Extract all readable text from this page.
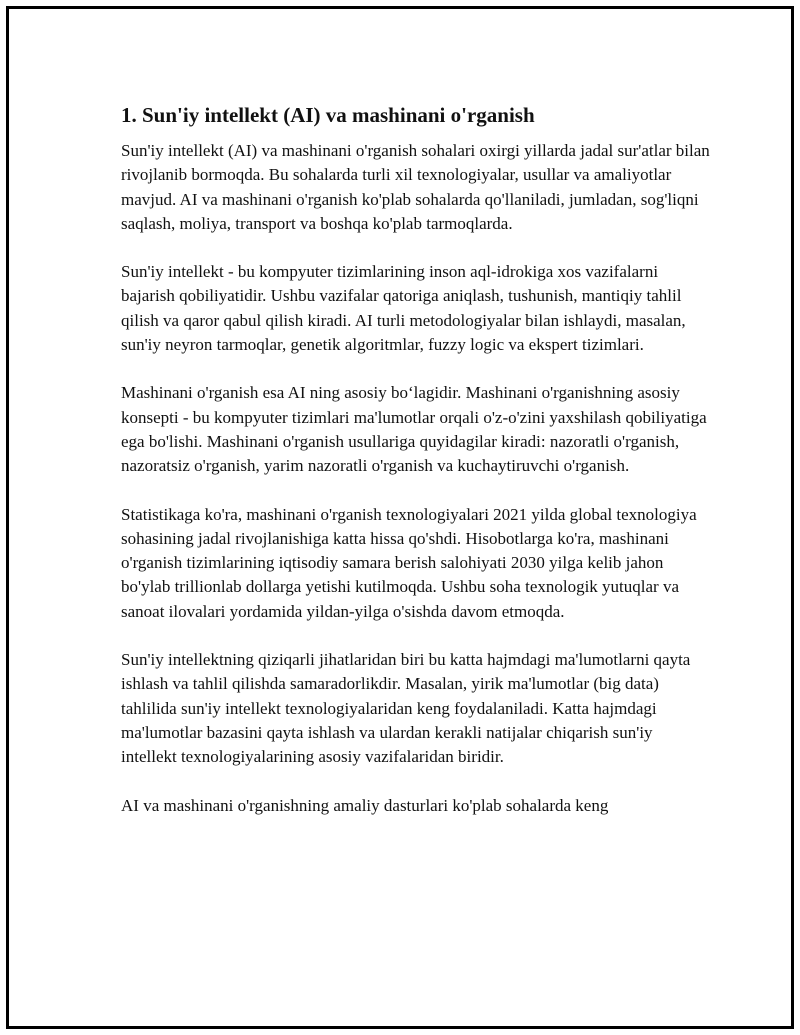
1. Sun'iy intellekt (AI) va mashinani o'rganish

Sun'iy intellekt (AI) va mashinani o'rganish sohalari oxirgi yillarda jadal sur'atlar bilan rivojlanib bormoqda. Bu sohalarda turli xil texnologiyalar, usullar va amaliyotlar mavjud. AI va mashinani o'rganish ko'plab sohalarda qo'llaniladi, jumladan, sog'liqni saqlash, moliya, transport va boshqa ko'plab tarmoqlarda.

Sun'iy intellekt - bu kompyuter tizimlarining inson aql-idrokiga xos vazifalarni bajarish qobiliyatidir. Ushbu vazifalar qatoriga aniqlash, tushunish, mantiqiy tahlil qilish va qaror qabul qilish kiradi. AI turli metodologiyalar bilan ishlaydi, masalan, sun'iy neyron tarmoqlar, genetik algoritmlar, fuzzy logic va ekspert tizimlari.

Mashinani o'rganish esa AI ning asosiy bo‘lagidir. Mashinani o'rganishning asosiy konsepti - bu kompyuter tizimlari ma'lumotlar orqali o'z-o'zini yaxshilash qobiliyatiga ega bo'lishi. Mashinani o'rganish usullariga quyidagilar kiradi: nazoratli o'rganish, nazoratsiz o'rganish, yarim nazoratli o'rganish va kuchaytiruvchi o'rganish.

Statistikaga ko'ra, mashinani o'rganish texnologiyalari 2021 yilda global texnologiya sohasining jadal rivojlanishiga katta hissa qo'shdi. Hisobotlarga ko'ra, mashinani o'rganish tizimlarining iqtisodiy samara berish salohiyati 2030 yilga kelib jahon bo'ylab trillionlab dollarga yetishi kutilmoqda. Ushbu soha texnologik yutuqlar va sanoat ilovalari yordamida yildan-yilga o'sishda davom etmoqda.

Sun'iy intellektning qiziqarli jihatlaridan biri bu katta hajmdagi ma'lumotlarni qayta ishlash va tahlil qilishda samaradorlikdir. Masalan, yirik ma'lumotlar (big data) tahlilida sun'iy intellekt texnologiyalaridan keng foydalaniladi. Katta hajmdagi ma'lumotlar bazasini qayta ishlash va ulardan kerakli natijalar chiqarish sun'iy intellekt texnologiyalarining asosiy vazifalaridan biridir.

AI va mashinani o'rganishning amaliy dasturlari ko'plab sohalarda keng
